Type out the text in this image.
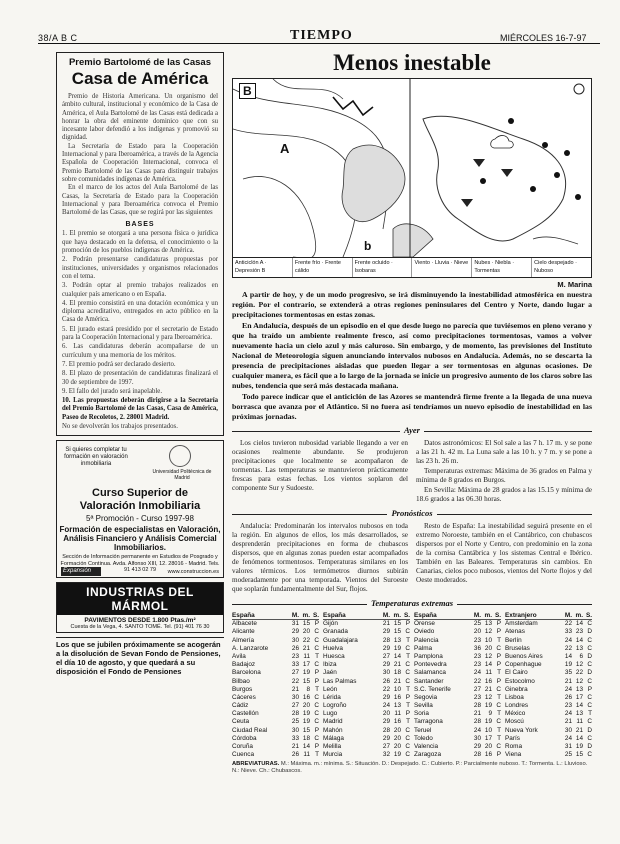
38/A B C	TIEMPO	MIÉRCOLES 16-7-97
Premio Bartolomé de las Casas
Casa de América

Premio de Historia Americana. Un organismo del ámbito cultural, institucional y económico de la Casa de América, el Aula Bartolomé de las Casas está dedicada a honrar la obra del eminente dominico que con su incesante labor defendió a los indígenas y promovió su dignidad.

La Secretaría de Estado para la Cooperación Internacional y para Iberoamérica, a través de la Agencia Española de Cooperación Internacional, convoca el Premio Bartolomé de las Casas para distinguir trabajos sobre comunidades indígenas de América.

En el marco de los actos del Aula Bartolomé de las Casas, la Secretaría de Estado para la Cooperación Internacional y para Iberoamérica convoca el Premio Bartolomé de las Casas, que se regirá por las siguientes

BASES

1. El premio se otorgará a una persona física o jurídica que haya destacado en la defensa, el conocimiento o la promoción de los pueblos indígenas de América.

2. Podrán presentarse candidaturas propuestas por instituciones, universidades y organismos relacionados con el tema.

3. Podrán optar al premio trabajos realizados en cualquier país americano o en España.

4. El premio consistirá en una dotación económica y un diploma acreditativo, entregados en acto público en la Casa de América.

5. El jurado estará presidido por el secretario de Estado para la Cooperación Internacional y para Iberoamérica.

6. Las candidaturas deberán acompañarse de un currículum y una memoria de los méritos.

7. El premio podrá ser declarado desierto.

8. El plazo de presentación de candidaturas finalizará el 30 de septiembre de 1997.

9. El fallo del jurado será inapelable.

10. Las propuestas deberán dirigirse a la Secretaría del Premio Bartolomé de las Casas, Casa de América, Paseo de Recoletos, 2. 28001 Madrid.

No se devolverán los trabajos presentados.

Si quieres completar tu formación en valoración inmobiliaria
Universidad Politécnica de Madrid
Curso Superior de
Valoración Inmobiliaria
5ª Promoción - Curso 1997-98
Formación de especialistas en Valoración, Análisis Financiero y Análisis Comercial Inmobiliarios.
Sección de Información permanente en Estudios de Posgrado y Formación Continua. Avda. Alfonso XIII, 12. 28016 - Madrid. Tels. 91 413 02 79
Expansión	www.construccion.es
INDUSTRIAS DEL MÁRMOL
PAVIMENTOS DESDE 1.800 Ptas./m²
Cuesta de la Vega, 4. SANTO TOMÉ. Tel. (91) 401 76 30
Los que se jubilen próximamente se acogerán a la disolución de Sevan Fondo de Pensiones, el día 10 de agosto, y que quedará a su disposición el Fondo de Pensiones
Menos inestable
B
A
b
Anticiclón A · Depresión B
Frente frío · Frente cálido
Frente ocluido · Isobaras
Viento · Lluvia · Nieve	Nubes · Niebla · Tormentas
Cielo despejado · Nuboso
M. Marina

A partir de hoy, y de un modo progresivo, se irá disminuyendo la inestabilidad atmosférica en nuestra región. Por el contrario, se extenderá a otras regiones peninsulares del Centro y Norte, dando lugar a precipitaciones tormentosas en estas zonas.

En Andalucía, después de un episodio en el que desde luego no parecía que tuviésemos en pleno verano y que ha traído un ambiente realmente fresco, así como precipitaciones tormentosas, vamos a volver nuevamente hacia un cielo azul y más caluroso. Sin embargo, y de momento, las previsiones del Instituto Nacional de Meteorología siguen anunciando intervalos nubosos en Andalucía. Además, no se descarta la presencia de precipitaciones aisladas que pueden llegar a ser tormentosas en algunas ocasiones. De cualquier manera, es fácil que a lo largo de la jornada se inicie un progresivo aumento de los claros sobre las nubes, tendencia que será más destacada mañana.

Todo parece indicar que el anticiclón de las Azores se mantendrá firme frente a la llegada de una nueva borrasca que avanza por el Atlántico. Si no fuera así tendríamos un nuevo episodio de inestabilidad en las próximas jornadas.

Ayer

Los cielos tuvieron nubosidad variable llegando a ver en ocasiones realmente abundante. Se produjeron precipitaciones que localmente se acompañaron de tormentas. Las temperaturas se mantuvieron prácticamente frescas para estas fechas. Los vientos soplaron del componente Sur y Sudoeste.

Datos astronómicos: El Sol sale a las 7 h. 17 m. y se pone a las 21 h. 42 m. La Luna sale a las 10 h. y 7 m. y se pone a las 23 h. 26 m.

Temperaturas extremas: Máxima de 36 grados en Palma y mínima de 8 grados en Burgos.

En Sevilla: Máxima de 28 grados a las 15.15 y mínima de 18.6 grados a las 06.30 horas.

Pronósticos

Andalucía: Predominarán los intervalos nubosos en toda la región. En algunos de ellos, los más desarrollados, se desprenderán precipitaciones en forma de chubascos dispersos, que en algunas zonas pueden estar acompañados de fenómenos tormentosos. Temperaturas similares en los valores térmicos. Los termómetros diurnos subirán moderadamente por una temporada. Vientos del Suroeste que soplarán fundamentalmente del Sur, flojos.

Resto de España: La inestabilidad seguirá presente en el extremo Noroeste, también en el Cantábrico, con chubascos dispersos por el Norte y Centro, con predominio en la zona de la cornisa Cantábrica y los sistemas Central e Ibérico. También en las Baleares. Temperaturas sin cambios. En Canarias, cielos poco nubosos, vientos del Norte flojos y del Oeste moderados.

Temperaturas extremas
España	M. m. S.
Albacete	31 15 P
Alicante	29 20 C
Almería	30 22 C
A. Lanzarote	26 21 C
Ávila	23 11 T
Badajoz	33 17 C
Barcelona	27 19 P
Bilbao	22 15 P
Burgos	21	8 T
Cáceres	30 16 C
Cádiz	27 20 C
Castellón	28 19 C
Ceuta	25 19 C
Ciudad Real	30 15 P
Córdoba	33 18 C
Coruña	21 14 P
Cuenca	26 11 T
España	M. m. S.
Gijón	21 15 P
Granada	29 15 C
Guadalajara	28 13 T
Huelva	29 19 C
Huesca	27 14 T
Ibiza	29 21 C
Jaén	30 18 C
Las Palmas	26 21 C
León	22 10 T
Lérida	29 16 P
Logroño	24 13 T
Lugo	20 11 P
Madrid	29 16 T
Mahón	28 20 C
Málaga	29 20 C
Melilla	27 20 C
Murcia	32 19 C
España	M. m. S.
Orense	25 13 P
Oviedo	20 12 P
Palencia	23 10 T
Palma	36 20 C
Pamplona	23 12 P
Pontevedra	23 14 P
Salamanca	24 11 T
Santander	22 16 P
S.C. Tenerife	27 21 C
Segovia	23 12 T
Sevilla	28 19 C
Soria	21	9 T
Tarragona	28 19 C
Teruel	24 10 T
Toledo	30 17 T
Valencia	29 20 C
Zaragoza	28 16 P
Extranjero	M. m. S.
Ámsterdam	22 14 C
Atenas	33 23 D
Berlín	24 14 C
Bruselas	22 13 C
Buenos Aires	14	6 D
Copenhague	19 12 C
El Cairo	35 22 D
Estocolmo	21 12 C
Ginebra	24 13 P
Lisboa	26 17 C
Londres	23 14 C
México	24 13 T
Moscú	21 11 C
Nueva York	30 21 D
París	24 14 C
Roma	31 19 D
Viena	25 15 C
ABREVIATURAS. M.: Máxima. m.: mínima. S.: Situación. D.: Despejado. C.: Cubierto. P.: Parcialmente nuboso. T.: Tormenta. L.: Lluvioso. N.: Nieve. Ch.: Chubascos.
